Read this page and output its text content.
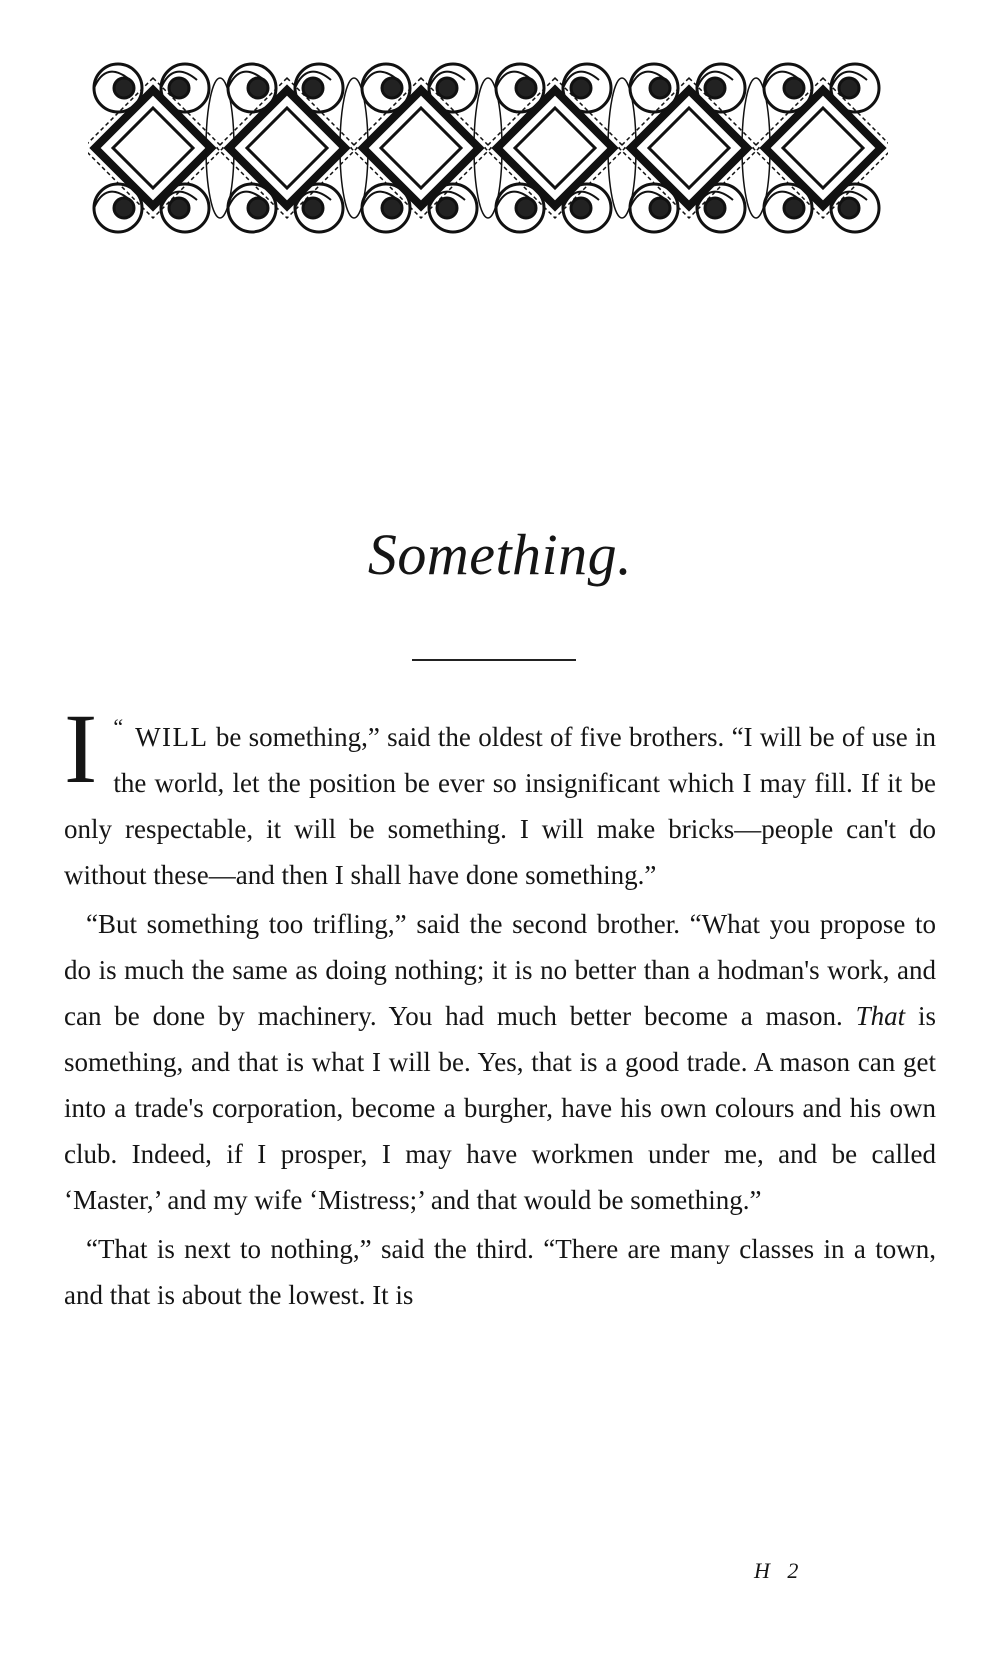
Something.

“
I WILL be something,” said the oldest of five brothers. “I will be of use in the world, let the position be ever so insignificant which I may fill. If it be only respectable, it will be something. I will make bricks—people can't do without these—and then I shall have done something.”

“But something too trifling,” said the second brother. “What you propose to do is much the same as doing nothing; it is no better than a hodman's work, and can be done by machinery. You had much better become a mason. That is something, and that is what I will be. Yes, that is a good trade. A mason can get into a trade's corporation, become a burgher, have his own colours and his own club. Indeed, if I prosper, I may have workmen under me, and be called ‘Master,’ and my wife ‘Mistress;’ and that would be something.”

“That is next to nothing,” said the third. “There are many classes in a town, and that is about the lowest. It is

H 2
